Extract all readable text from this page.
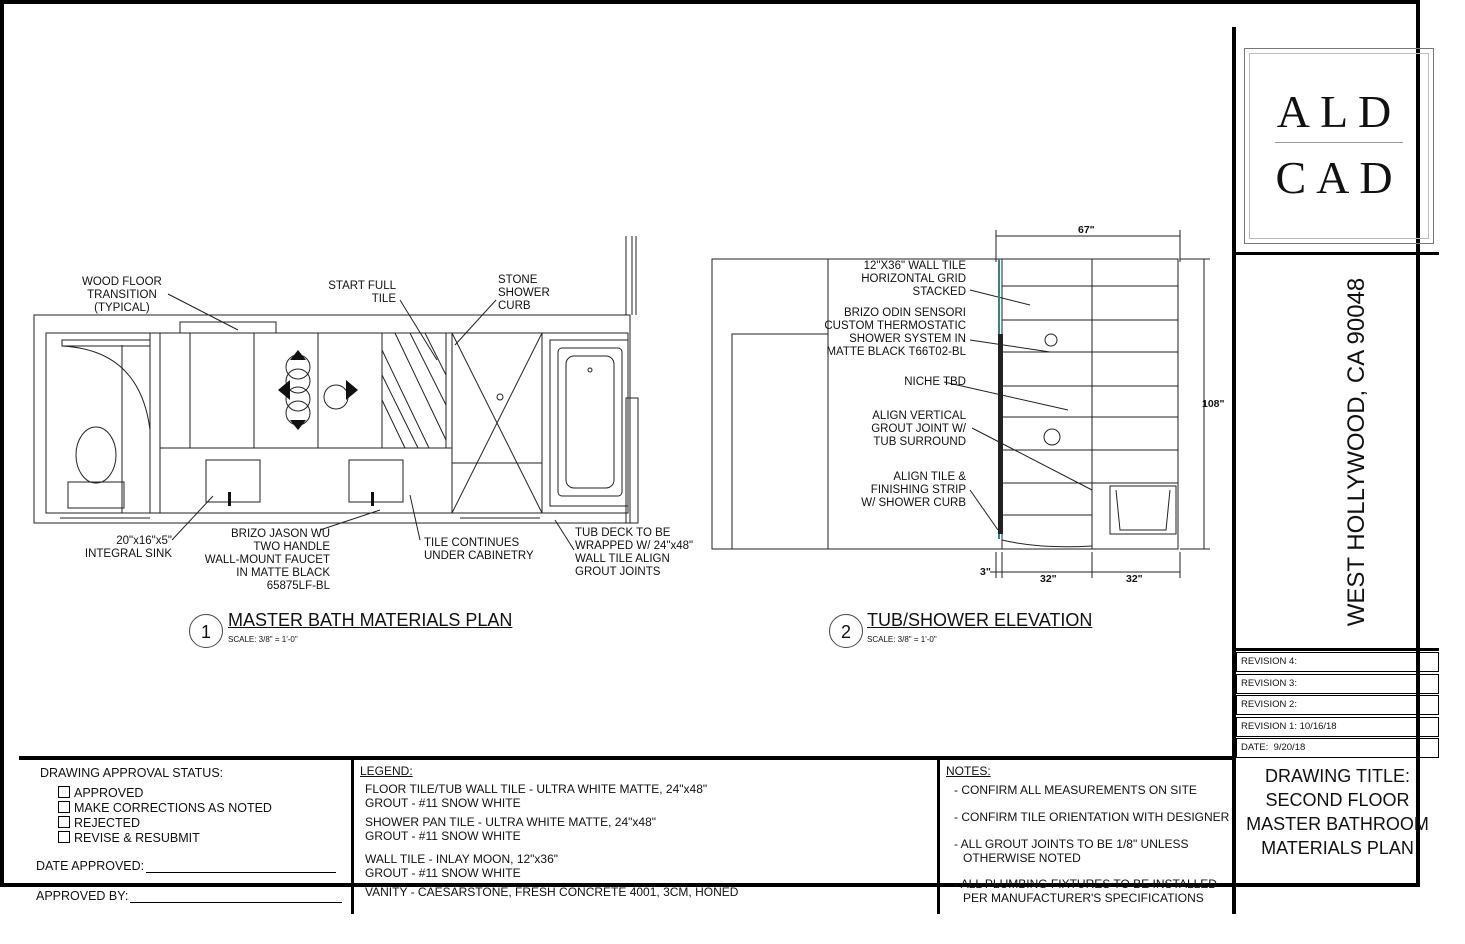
ALD
CAD
WEST HOLLYWOOD, CA 90048
REVISION 4:
REVISION 3:
REVISION 2:
REVISION 1: 10/16/18
DATE: 9/20/18
DRAWING TITLE:
SECOND FLOOR
MASTER BATHROOM
MATERIALS PLAN
WOOD FLOOR
TRANSITION
(TYPICAL)
START FULL
TILE
STONE
SHOWER
CURB
20"x16"x5"
INTEGRAL SINK
BRIZO JASON WU
TWO HANDLE
WALL-MOUNT FAUCET
IN MATTE BLACK
65875LF-BL
TILE CONTINUES
UNDER CABINETRY
TUB DECK TO BE
WRAPPED W/ 24"x48"
WALL TILE ALIGN
GROUT JOINTS
12"X36" WALL TILE
HORIZONTAL GRID
STACKED
BRIZO ODIN SENSORI
CUSTOM THERMOSTATIC
SHOWER SYSTEM IN
MATTE BLACK T66T02-BL
NICHE TBD
ALIGN VERTICAL
GROUT JOINT W/
TUB SURROUND
ALIGN TILE &
FINISHING STRIP
W/ SHOWER CURB
67"
108"
3"
32"	32"
1
MASTER BATH MATERIALS PLAN
SCALE: 3/8" = 1'-0"	2
TUB/SHOWER ELEVATION
SCALE: 3/8" = 1'-0"
DRAWING APPROVAL STATUS:
APPROVED
MAKE CORRECTIONS AS NOTED
REJECTED
REVISE & RESUBMIT
DATE APPROVED:
APPROVED BY:
LEGEND:
FLOOR TILE/TUB WALL TILE - ULTRA WHITE MATTE, 24"x48"
GROUT - #11 SNOW WHITE
SHOWER PAN TILE - ULTRA WHITE MATTE, 24"x48"
GROUT - #11 SNOW WHITE
WALL TILE - INLAY MOON, 12"x36"
GROUT - #11 SNOW WHITE
VANITY - CAESARSTONE, FRESH CONCRETE 4001, 3CM, HONED
NOTES:
- CONFIRM ALL MEASUREMENTS ON SITE
- CONFIRM TILE ORIENTATION WITH DESIGNER
- ALL GROUT JOINTS TO BE 1/8" UNLESS
OTHERWISE NOTED
- ALL PLUMBING FIXTURES TO BE INSTALLED
PER MANUFACTURER'S SPECIFICATIONS
